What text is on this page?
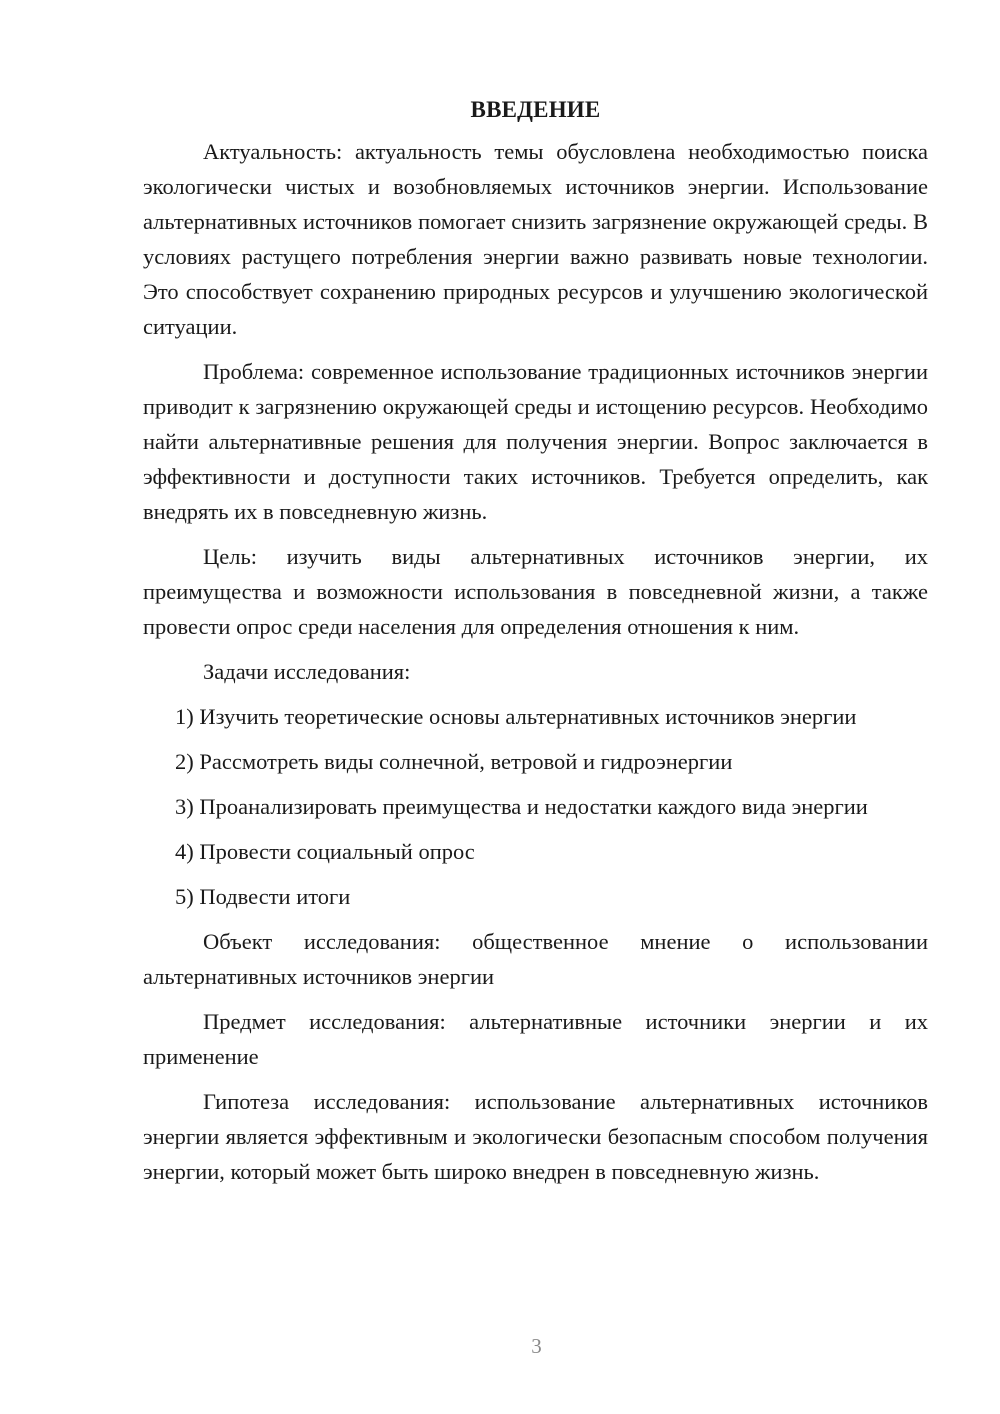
ВВЕДЕНИЕ

Актуальность: актуальность темы обусловлена необходимостью поиска экологически чистых и возобновляемых источников энергии. Использование альтернативных источников помогает снизить загрязнение окружающей среды. В условиях растущего потребления энергии важно развивать новые технологии. Это способствует сохранению природных ресурсов и улучшению экологической ситуации.

Проблема: современное использование традиционных источников энергии приводит к загрязнению окружающей среды и истощению ресурсов. Необходимо найти альтернативные решения для получения энергии. Вопрос заключается в эффективности и доступности таких источников. Требуется определить, как внедрять их в повседневную жизнь.

Цель: изучить виды альтернативных источников энергии, их преимущества и возможности использования в повседневной жизни, а также провести опрос среди населения для определения отношения к ним.

Задачи исследования:

1) Изучить теоретические основы альтернативных источников энергии

2) Рассмотреть виды солнечной, ветровой и гидроэнергии

3) Проанализировать преимущества и недостатки каждого вида энергии

4) Провести социальный опрос

5) Подвести итоги

Объект исследования: общественное мнение о использовании альтернативных источников энергии

Предмет исследования: альтернативные источники энергии и их применение

Гипотеза исследования: использование альтернативных источников энергии является эффективным и экологически безопасным способом получения энергии, который может быть широко внедрен в повседневную жизнь.

3
